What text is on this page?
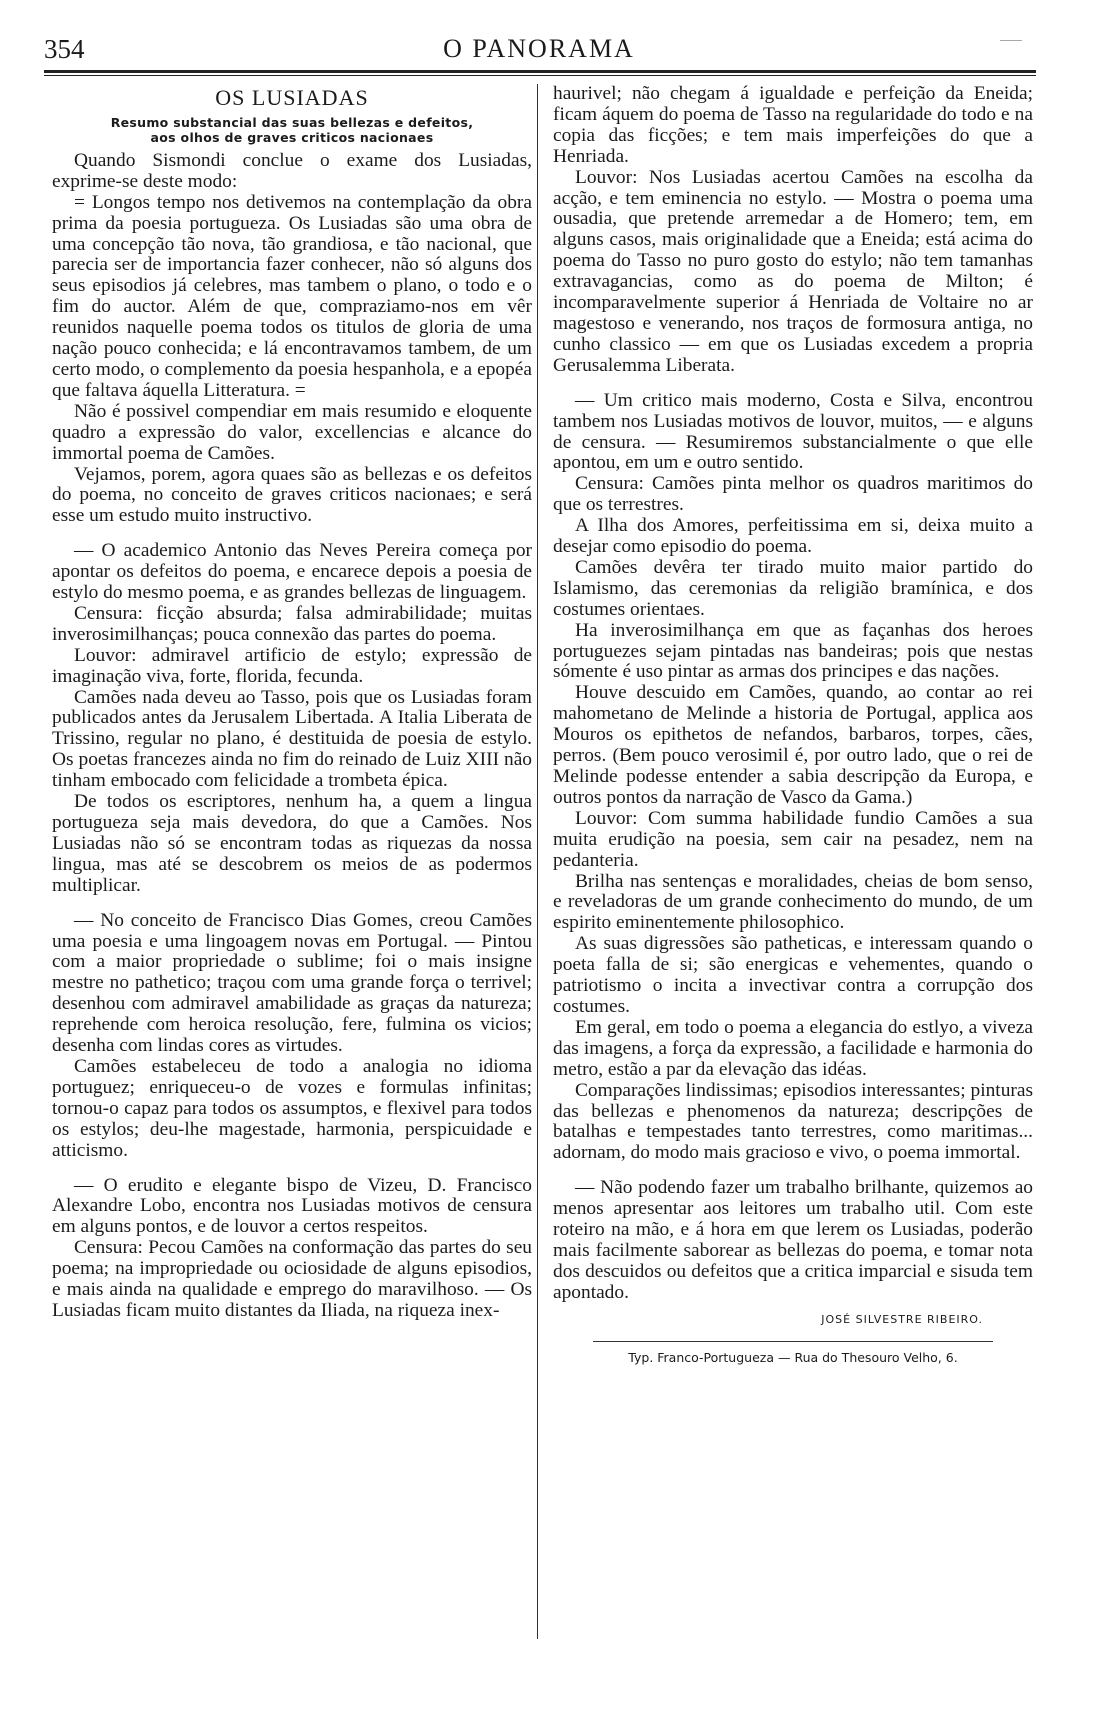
354	O PANORAMA
OS LUSIADAS
Resumo substancial das suas bellezas e defeitos,
aos olhos de graves criticos nacionaes

Quando Sismondi conclue o exame dos Lusiadas, exprime-se deste modo:

= Longos tempo nos detivemos na contemplação da obra prima da poesia portugueza. Os Lusiadas são uma obra de uma concepção tão nova, tão grandiosa, e tão nacional, que parecia ser de importancia fazer conhecer, não só alguns dos seus episodios já celebres, mas tambem o plano, o todo e o fim do auctor. Além de que, compraziamo-nos em vêr reunidos naquelle poema todos os titulos de gloria de uma nação pouco conhecida; e lá encontravamos tambem, de um certo modo, o complemento da poesia hespanhola, e a epopéa que faltava áquella Litteratura. =

Não é possivel compendiar em mais resumido e eloquente quadro a expressão do valor, excellencias e alcance do immortal poema de Camões.

Vejamos, porem, agora quaes são as bellezas e os defeitos do poema, no conceito de graves criticos nacionaes; e será esse um estudo muito instructivo.

— O academico Antonio das Neves Pereira começa por apontar os defeitos do poema, e encarece depois a poesia de estylo do mesmo poema, e as grandes bellezas de linguagem.

Censura: ficção absurda; falsa admirabilidade; muitas inverosimilhanças; pouca connexão das partes do poema.

Louvor: admiravel artificio de estylo; expressão de imaginação viva, forte, florida, fecunda.

Camões nada deveu ao Tasso, pois que os Lusiadas foram publicados antes da Jerusalem Libertada. A Italia Liberata de Trissino, regular no plano, é destituida de poesia de estylo. Os poetas francezes ainda no fim do reinado de Luiz XIII não tinham embocado com felicidade a trombeta épica.

De todos os escriptores, nenhum ha, a quem a lingua portugueza seja mais devedora, do que a Camões. Nos Lusiadas não só se encontram todas as riquezas da nossa lingua, mas até se descobrem os meios de as podermos multiplicar.

— No conceito de Francisco Dias Gomes, creou Camões uma poesia e uma lingoagem novas em Portugal. — Pintou com a maior propriedade o sublime; foi o mais insigne mestre no pathetico; traçou com uma grande força o terrivel; desenhou com admiravel amabilidade as graças da natureza; reprehende com heroica resolução, fere, fulmina os vicios; desenha com lindas cores as virtudes.

Camões estabeleceu de todo a analogia no idioma portuguez; enriqueceu-o de vozes e formulas infinitas; tornou-o capaz para todos os assumptos, e flexivel para todos os estylos; deu-lhe magestade, harmonia, perspicuidade e atticismo.

— O erudito e elegante bispo de Vizeu, D. Francisco Alexandre Lobo, encontra nos Lusiadas motivos de censura em alguns pontos, e de louvor a certos respeitos.

Censura: Pecou Camões na conformação das partes do seu poema; na impropriedade ou ociosidade de alguns episodios, e mais ainda na qualidade e emprego do maravilhoso. — Os Lusiadas ficam muito distantes da Iliada, na riqueza inex-

haurivel; não chegam á igualdade e perfeição da Eneida; ficam áquem do poema de Tasso na regularidade do todo e na copia das ficções; e tem mais imperfeições do que a Henriada.

Louvor: Nos Lusiadas acertou Camões na escolha da acção, e tem eminencia no estylo. — Mostra o poema uma ousadia, que pretende arremedar a de Homero; tem, em alguns casos, mais originalidade que a Eneida; está acima do poema do Tasso no puro gosto do estylo; não tem tamanhas extravagancias, como as do poema de Milton; é incomparavelmente superior á Henriada de Voltaire no ar magestoso e venerando, nos traços de formosura antiga, no cunho classico — em que os Lusiadas excedem a propria Gerusalemma Liberata.

— Um critico mais moderno, Costa e Silva, encontrou tambem nos Lusiadas motivos de louvor, muitos, — e alguns de censura. — Resumiremos substancialmente o que elle apontou, em um e outro sentido.

Censura: Camões pinta melhor os quadros maritimos do que os terrestres.

A Ilha dos Amores, perfeitissima em si, deixa muito a desejar como episodio do poema.

Camões devêra ter tirado muito maior partido do Islamismo, das ceremonias da religião bramínica, e dos costumes orientaes.

Ha inverosimilhança em que as façanhas dos heroes portuguezes sejam pintadas nas bandeiras; pois que nestas sómente é uso pintar as armas dos principes e das nações.

Houve descuido em Camões, quando, ao contar ao rei mahometano de Melinde a historia de Portugal, applica aos Mouros os epithetos de nefandos, barbaros, torpes, cães, perros. (Bem pouco verosimil é, por outro lado, que o rei de Melinde podesse entender a sabia descripção da Europa, e outros pontos da narração de Vasco da Gama.)

Louvor: Com summa habilidade fundio Camões a sua muita erudição na poesia, sem cair na pesadez, nem na pedanteria.

Brilha nas sentenças e moralidades, cheias de bom senso, e reveladoras de um grande conhecimento do mundo, de um espirito eminentemente philosophico.

As suas digressões são patheticas, e interessam quando o poeta falla de si; são energicas e vehementes, quando o patriotismo o incita a invectivar contra a corrupção dos costumes.

Em geral, em todo o poema a elegancia do estlyo, a viveza das imagens, a força da expressão, a facilidade e harmonia do metro, estão a par da elevação das idéas.

Comparações lindissimas; episodios interessantes; pinturas das bellezas e phenomenos da natureza; descripções de batalhas e tempestades tanto terrestres, como maritimas... adornam, do modo mais gracioso e vivo, o poema immortal.

— Não podendo fazer um trabalho brilhante, quizemos ao menos apresentar aos leitores um trabalho util. Com este roteiro na mão, e á hora em que lerem os Lusiadas, poderão mais facilmente saborear as bellezas do poema, e tomar nota dos descuidos ou defeitos que a critica imparcial e sisuda tem apontado.

JOSÉ SILVESTRE RIBEIRO.
Typ. Franco-Portugueza — Rua do Thesouro Velho, 6.
